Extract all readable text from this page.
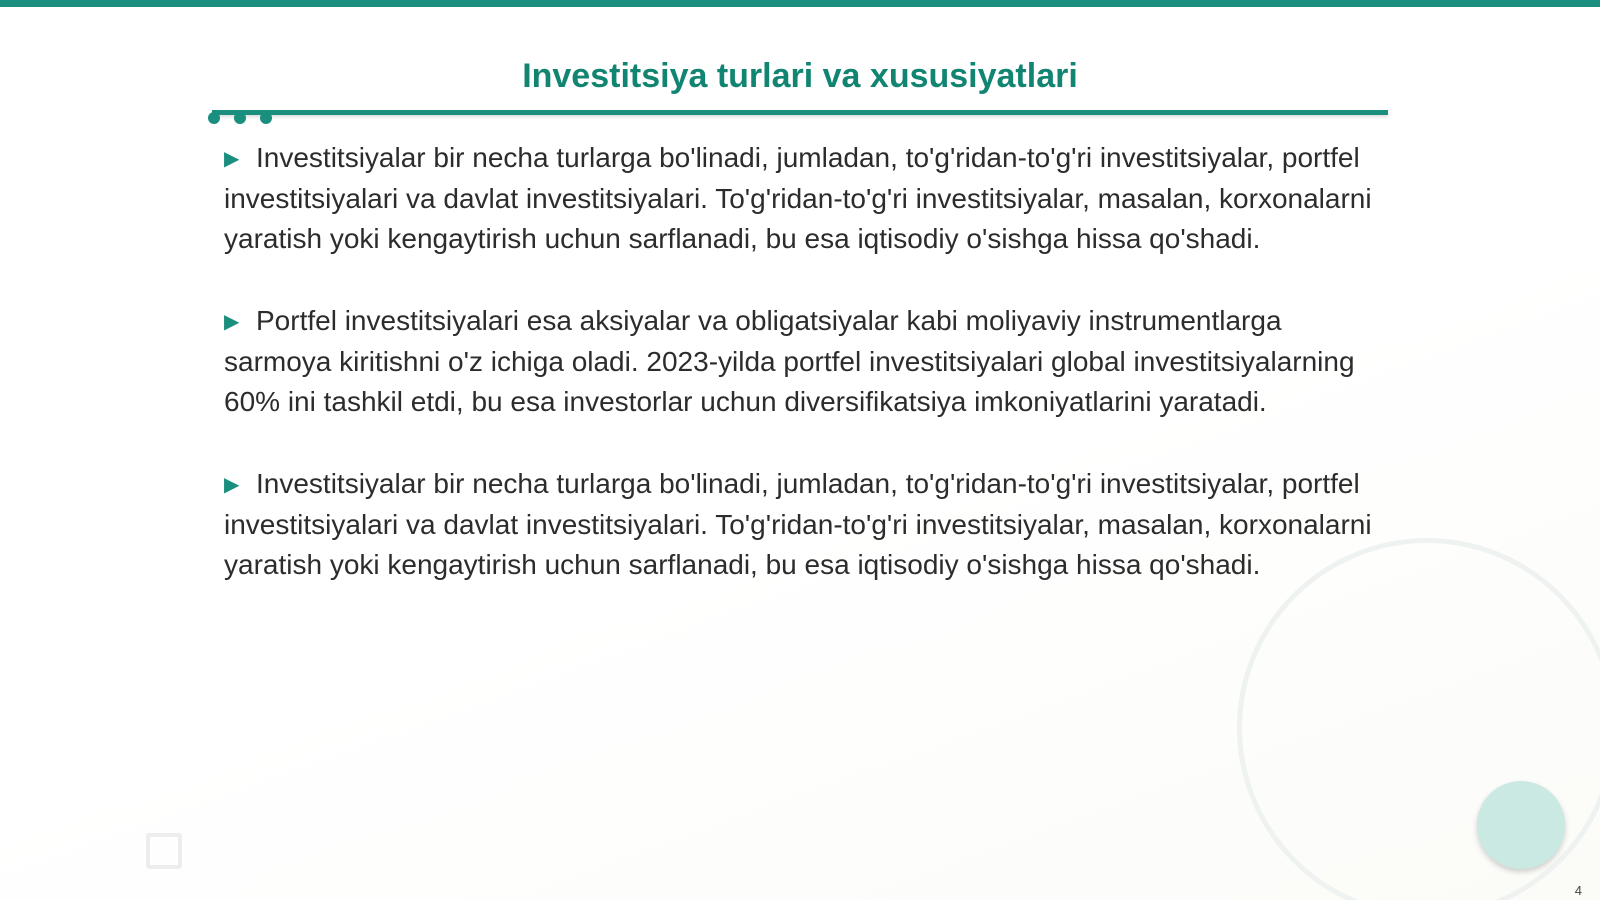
Investitsiya turlari va xususiyatlari

▶ Investitsiyalar bir necha turlarga bo'linadi, jumladan, to'g'ridan-to'g'ri investitsiyalar, portfel investitsiyalari va davlat investitsiyalari. To'g'ridan-to'g'ri investitsiyalar, masalan, korxonalarni yaratish yoki kengaytirish uchun sarflanadi, bu esa iqtisodiy o'sishga hissa qo'shadi.

▶ Portfel investitsiyalari esa aksiyalar va obligatsiyalar kabi moliyaviy instrumentlarga sarmoya kiritishni o'z ichiga oladi. 2023-yilda portfel investitsiyalari global investitsiyalarning 60% ini tashkil etdi, bu esa investorlar uchun diversifikatsiya imkoniyatlarini yaratadi.

▶ Investitsiyalar bir necha turlarga bo'linadi, jumladan, to'g'ridan-to'g'ri investitsiyalar, portfel investitsiyalari va davlat investitsiyalari. To'g'ridan-to'g'ri investitsiyalar, masalan, korxonalarni yaratish yoki kengaytirish uchun sarflanadi, bu esa iqtisodiy o'sishga hissa qo'shadi.

4
